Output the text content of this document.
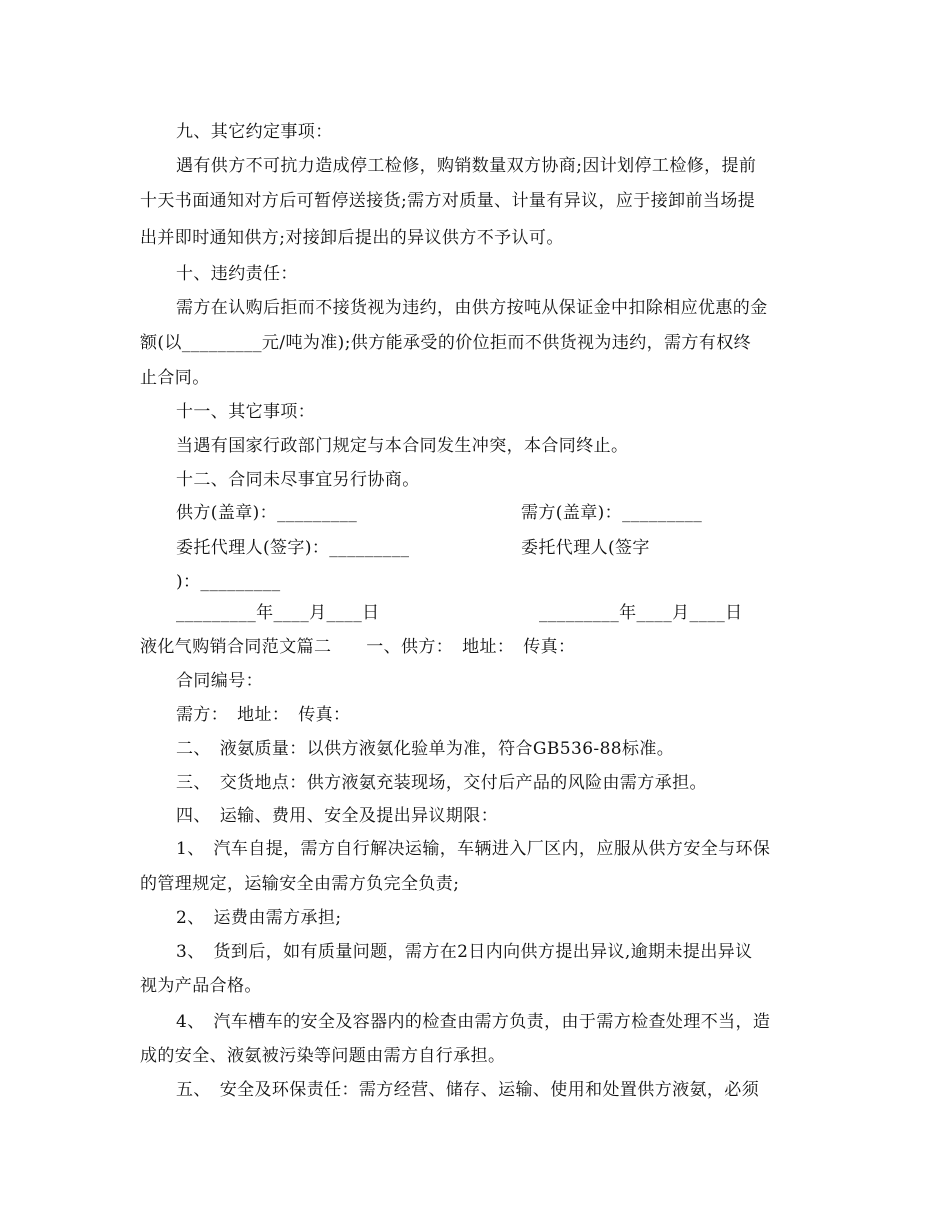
九、其它约定事项：
遇有供方不可抗力造成停工检修，购销数量双方协商;因计划停工检修，提前
十天书面通知对方后可暂停送接货;需方对质量、计量有异议，应于接卸前当场提
出并即时通知供方;对接卸后提出的异议供方不予认可。
十、违约责任：
需方在认购后拒而不接货视为违约，由供方按吨从保证金中扣除相应优惠的金
额(以_________元/吨为准);供方能承受的价位拒而不供货视为违约，需方有权终
止合同。
十一、其它事项：
当遇有国家行政部门规定与本合同发生冲突，本合同终止。
十二、合同未尽事宜另行协商。
供方(盖章)：_________	需方(盖章)：_________
委托代理人(签字)：_________	委托代理人(签字
)：_________
_________年____月____日	_________年____月____日
液化气购销合同范文篇二　　一、供方：　地址：　传真：
合同编号：
需方：　地址：　传真：
二、　液氨质量：以供方液氨化验单为准，符合GB536-88标准。
三、　交货地点：供方液氨充装现场，交付后产品的风险由需方承担。
四、　运输、费用、安全及提出异议期限：
1、　汽车自提，需方自行解决运输，车辆进入厂区内，应服从供方安全与环保
的管理规定，运输安全由需方负完全负责;
2、　运费由需方承担;
3、　货到后，如有质量问题，需方在2日内向供方提出异议,逾期未提出异议
视为产品合格。
4、　汽车槽车的安全及容器内的检查由需方负责，由于需方检查处理不当，造
成的安全、液氨被污染等问题由需方自行承担。
五、　安全及环保责任：需方经营、储存、运输、使用和处置供方液氨，必须
